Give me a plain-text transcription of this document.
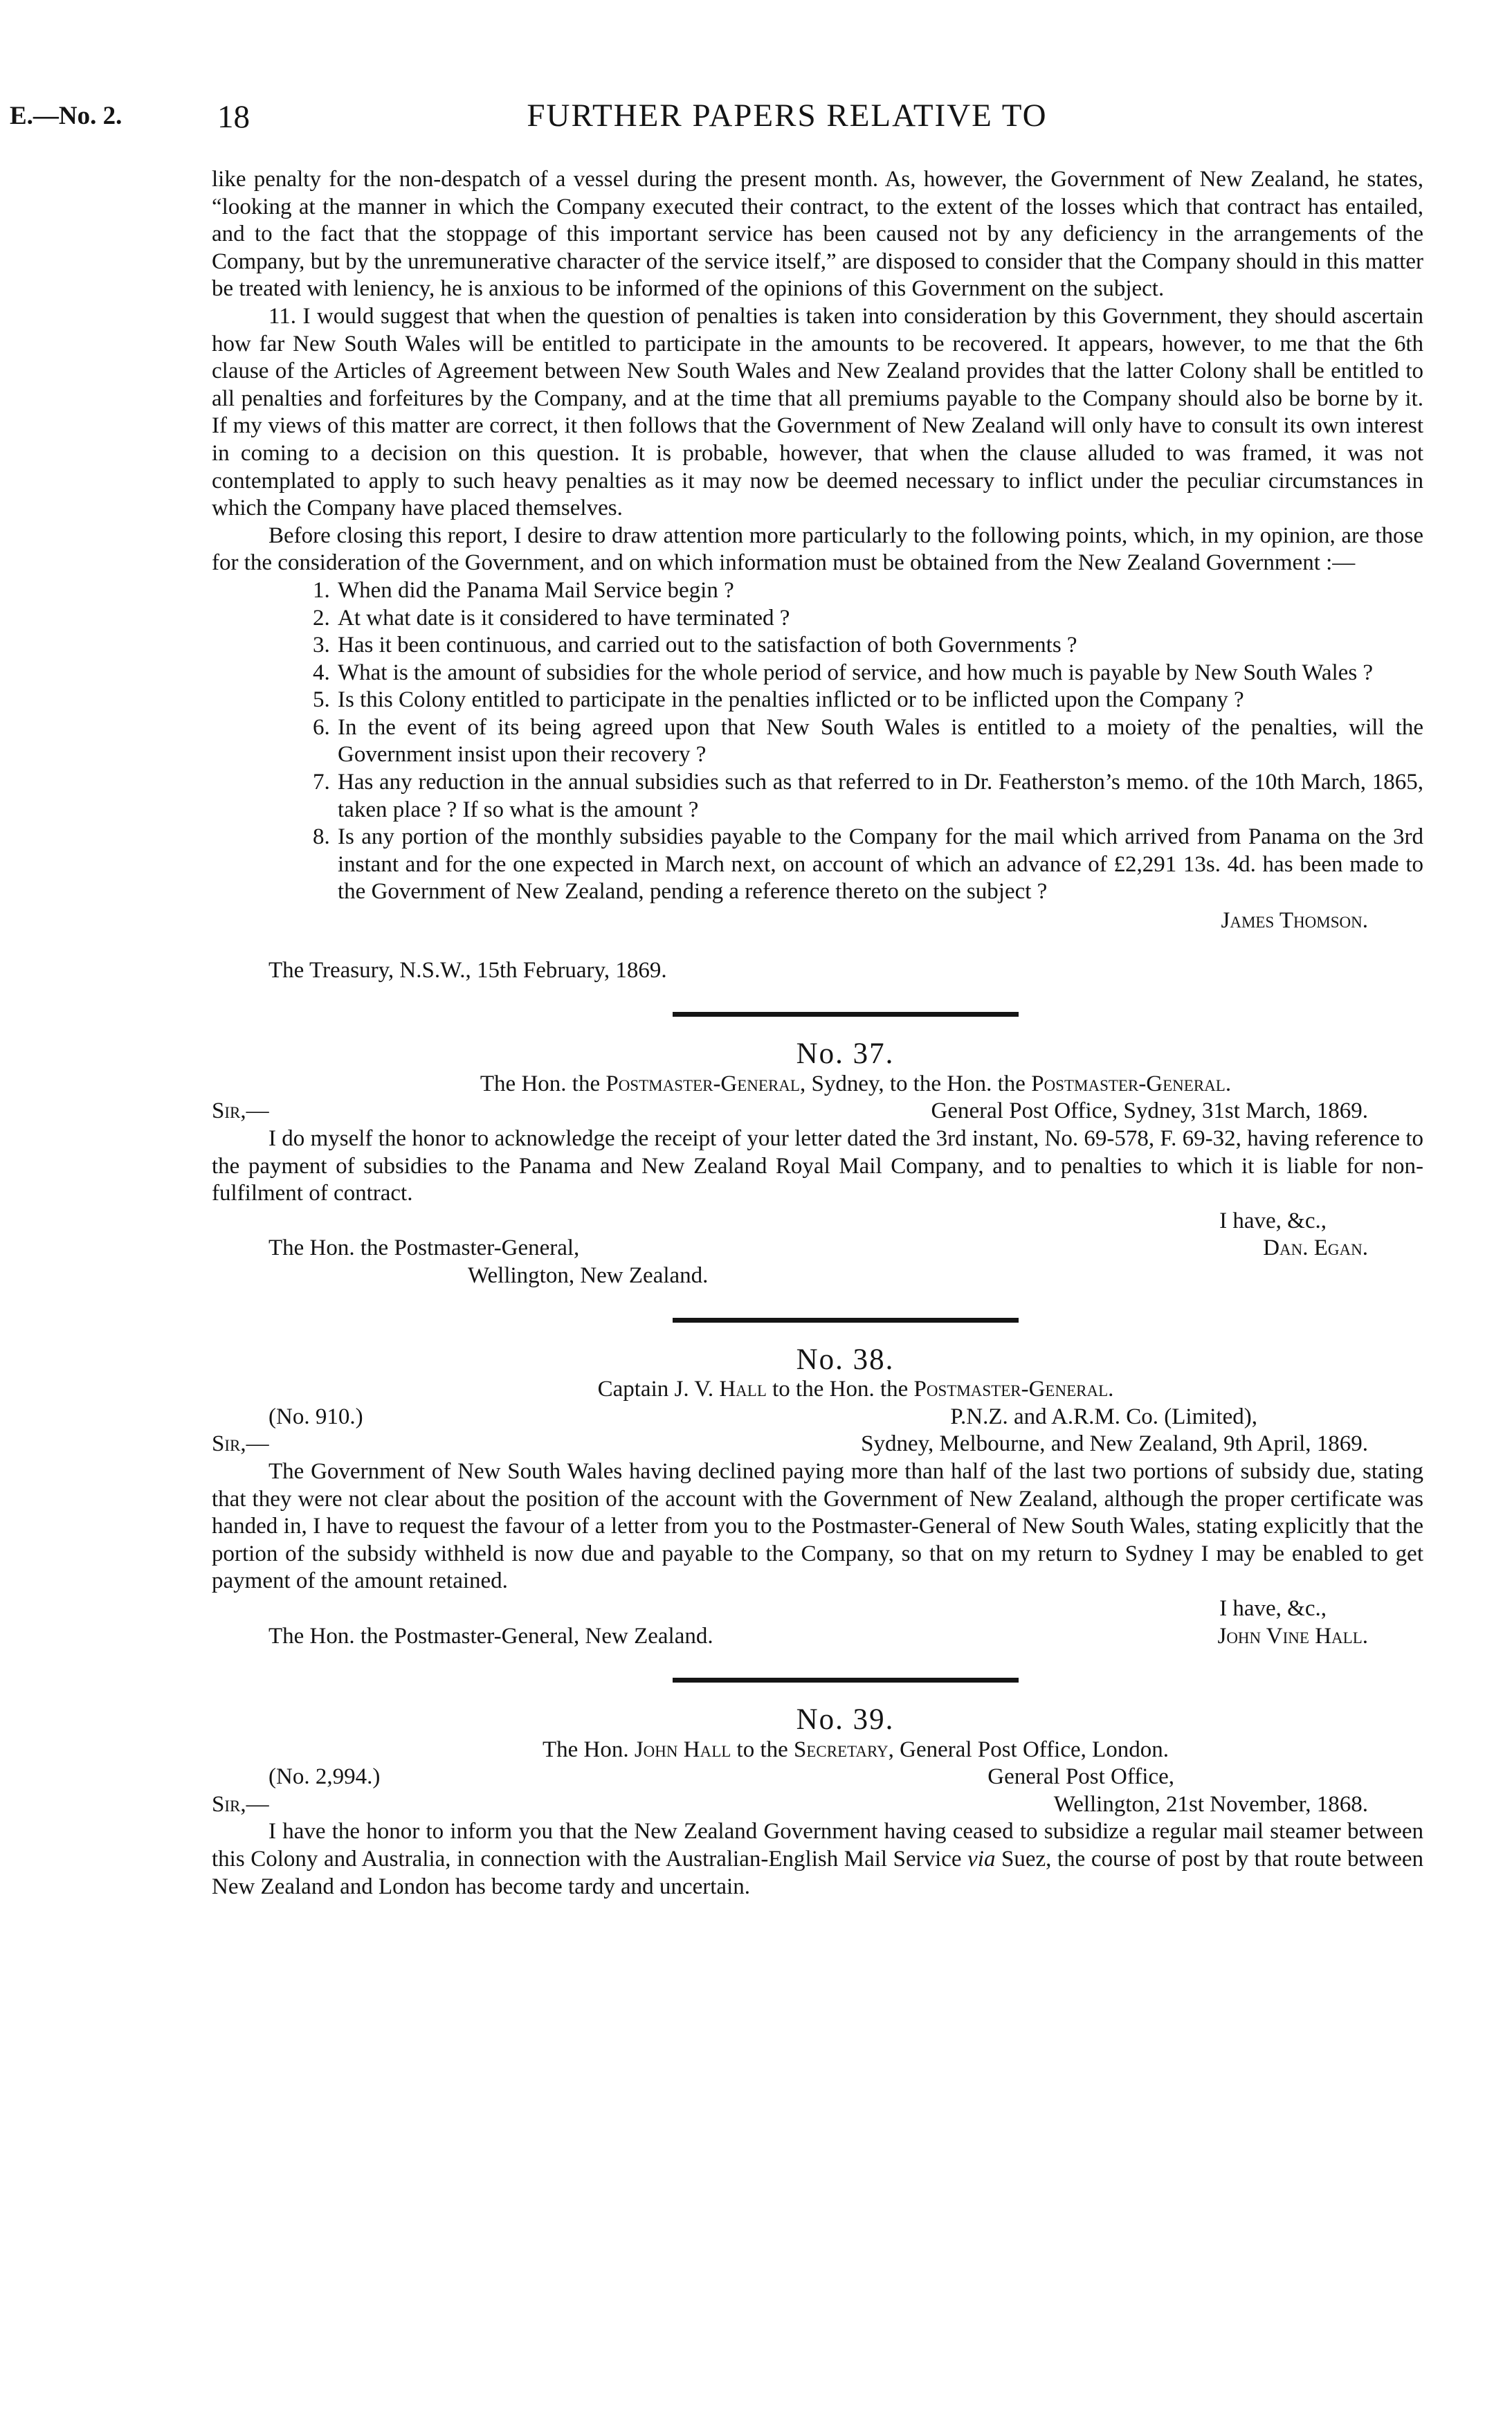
E.—No. 2.	18	FURTHER PAPERS RELATIVE TO

like penalty for the non-despatch of a vessel during the present month. As, however, the Government of New Zealand, he states, “looking at the manner in which the Company executed their contract, to the extent of the losses which that contract has entailed, and to the fact that the stoppage of this important service has been caused not by any deficiency in the arrangements of the Company, but by the unremunerative character of the service itself,” are disposed to consider that the Company should in this matter be treated with leniency, he is anxious to be informed of the opinions of this Government on the subject.

11. I would suggest that when the question of penalties is taken into consideration by this Government, they should ascertain how far New South Wales will be entitled to participate in the amounts to be recovered. It appears, however, to me that the 6th clause of the Articles of Agreement between New South Wales and New Zealand provides that the latter Colony shall be entitled to all penalties and forfeitures by the Company, and at the time that all premiums payable to the Company should also be borne by it. If my views of this matter are correct, it then follows that the Government of New Zealand will only have to consult its own interest in coming to a decision on this question. It is probable, however, that when the clause alluded to was framed, it was not contemplated to apply to such heavy penalties as it may now be deemed necessary to inflict under the peculiar circumstances in which the Company have placed themselves.

Before closing this report, I desire to draw attention more particularly to the following points, which, in my opinion, are those for the consideration of the Government, and on which information must be obtained from the New Zealand Government :—

1. When did the Panama Mail Service begin ?
2. At what date is it considered to have terminated ?
3. Has it been continuous, and carried out to the satisfaction of both Governments ?
4. What is the amount of subsidies for the whole period of service, and how much is payable by New South Wales ?
5. Is this Colony entitled to participate in the penalties inflicted or to be inflicted upon the Company ?
6. In the event of its being agreed upon that New South Wales is entitled to a moiety of the penalties, will the Government insist upon their recovery ?
7. Has any reduction in the annual subsidies such as that referred to in Dr. Featherston’s memo. of the 10th March, 1865, taken place ? If so what is the amount ?
8. Is any portion of the monthly subsidies payable to the Company for the mail which arrived from Panama on the 3rd instant and for the one expected in March next, on account of which an advance of £2,291 13s. 4d. has been made to the Government of New Zealand, pending a reference thereto on the subject ?

James Thomson.

The Treasury, N.S.W., 15th February, 1869.

No. 37.

The Hon. the Postmaster-General, Sydney, to the Hon. the Postmaster-General.

Sir,—	General Post Office, Sydney, 31st March, 1869.

I do myself the honor to acknowledge the receipt of your letter dated the 3rd instant, No. 69-578, F. 69-32, having reference to the payment of subsidies to the Panama and New Zealand Royal Mail Company, and to penalties to which it is liable for non-fulfilment of contract.

I have, &c.,

The Hon. the Postmaster-General,	Dan. Egan.

Wellington, New Zealand.

No. 38.

Captain J. V. Hall to the Hon. the Postmaster-General.

(No. 910.)	P.N.Z. and A.R.M. Co. (Limited),
Sir,—	Sydney, Melbourne, and New Zealand, 9th April, 1869.

The Government of New South Wales having declined paying more than half of the last two portions of subsidy due, stating that they were not clear about the position of the account with the Government of New Zealand, although the proper certificate was handed in, I have to request the favour of a letter from you to the Postmaster-General of New South Wales, stating explicitly that the portion of the subsidy withheld is now due and payable to the Company, so that on my return to Sydney I may be enabled to get payment of the amount retained.

I have, &c.,

The Hon. the Postmaster-General, New Zealand.	John Vine Hall.

No. 39.

The Hon. John Hall to the Secretary, General Post Office, London.

(No. 2,994.)	General Post Office,
Sir,—	Wellington, 21st November, 1868.

I have the honor to inform you that the New Zealand Government having ceased to subsidize a regular mail steamer between this Colony and Australia, in connection with the Australian-English Mail Service via Suez, the course of post by that route between New Zealand and London has become tardy and uncertain.
